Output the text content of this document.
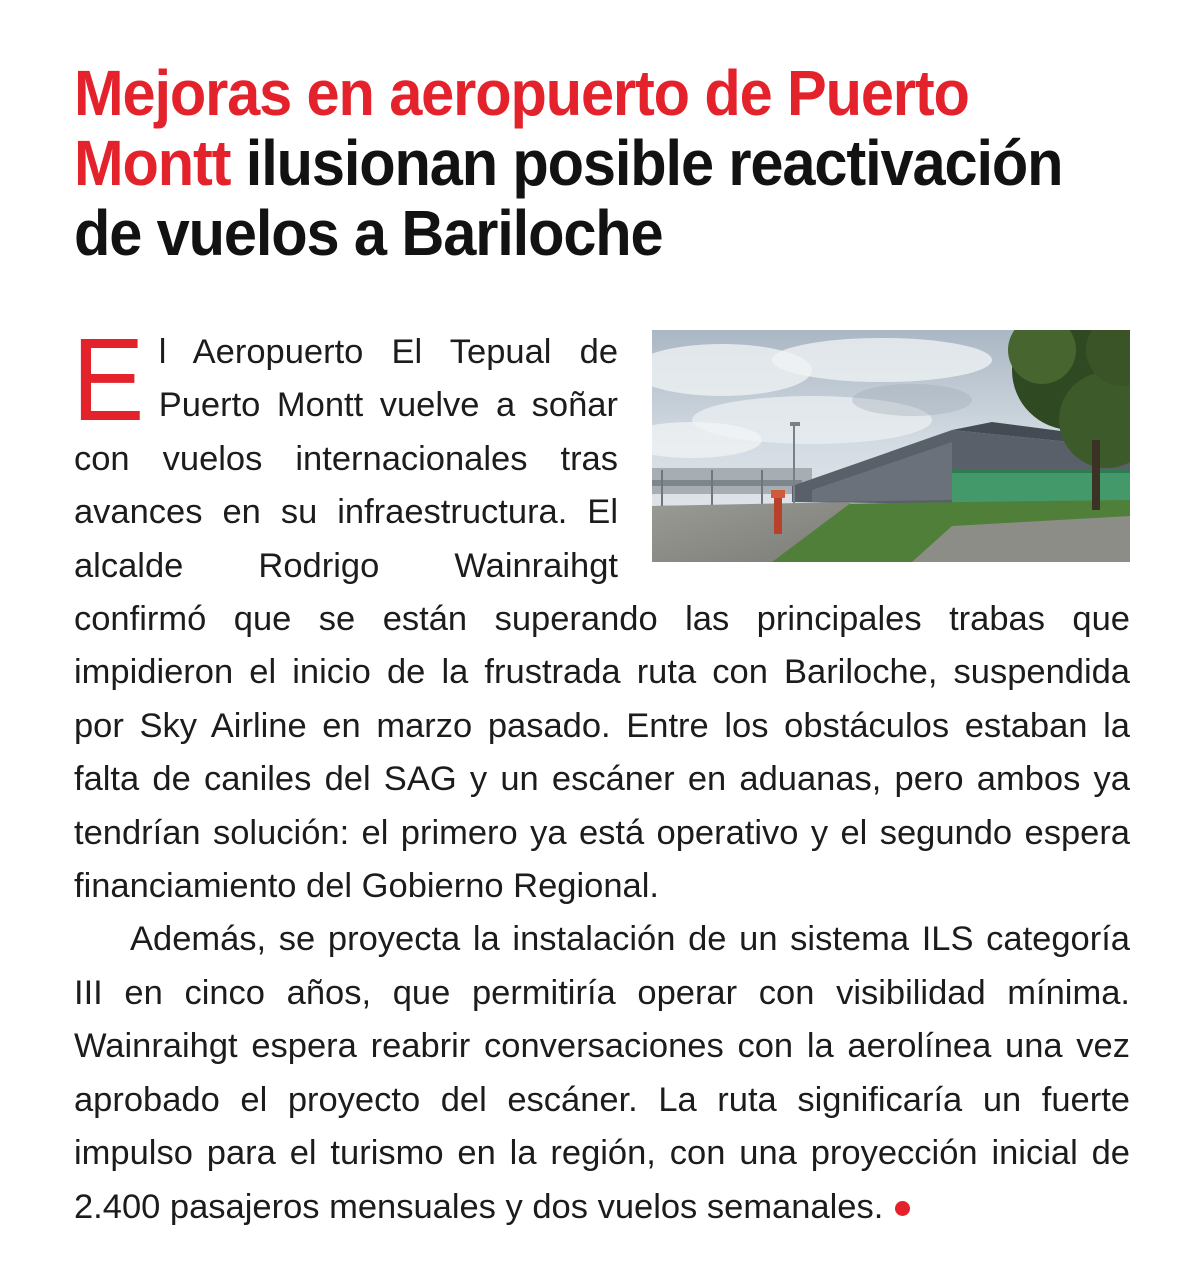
Mejoras en aeropuerto de Puerto Montt ilusionan posible reactivación de vuelos a Bariloche

El Aeropuerto El Tepual de Puerto Montt vuelve a soñar con vuelos internacionales tras avances en su infraestructura. El alcalde Rodrigo Wainraihgt confirmó que se están superando las principales trabas que impidieron el inicio de la frustrada ruta con Bariloche, suspendida por Sky Airline en marzo pasado. Entre los obstáculos estaban la falta de caniles del SAG y un escáner en aduanas, pero ambos ya tendrían solución: el primero ya está operativo y el segundo espera financiamiento del Gobierno Regional.

Además, se proyecta la instalación de un sistema ILS categoría III en cinco años, que permitiría operar con visibilidad mínima. Wainraihgt espera reabrir conversaciones con la aerolínea una vez aprobado el proyecto del escáner. La ruta significaría un fuerte impulso para el turismo en la región, con una proyección inicial de 2.400 pasajeros mensuales y dos vuelos semanales.
